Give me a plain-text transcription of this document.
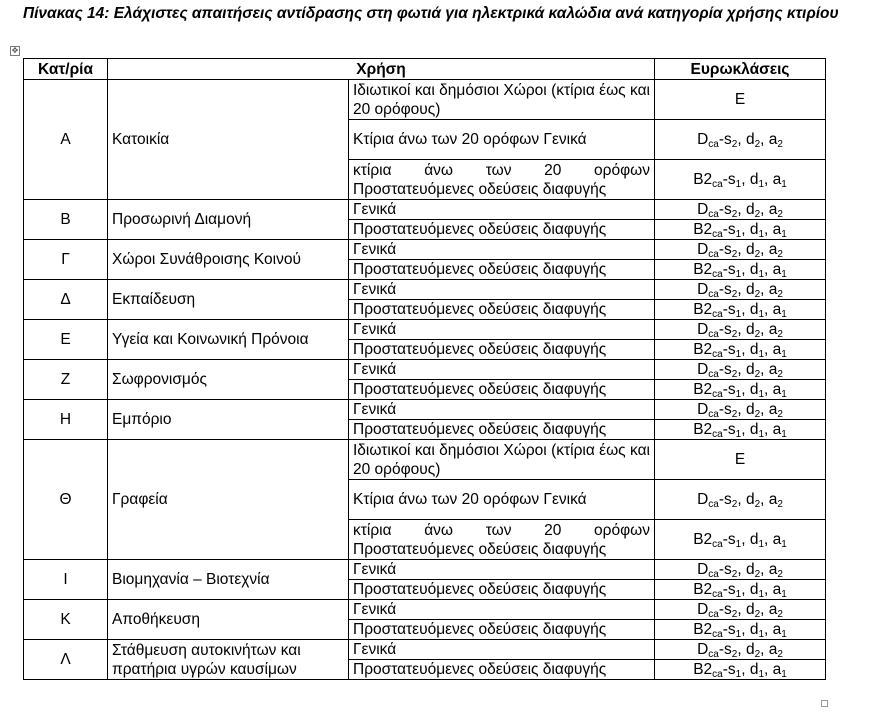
Πίνακας 14: Ελάχιστες απαιτήσεις αντίδρασης στη φωτιά για ηλεκτρικά καλώδια ανά κατηγορία χρήσης κτιρίου
✥
Κατ/ρία	Χρήση		Ευρωκλάσεις
Α	Κατοικία	Ιδιωτικοί και δημόσιοι Χώροι (κτίρια έως και 20 ορόφους)	E
		Κτίρια άνω των 20 ορόφων Γενικά	$D_{ca}-s_2$, $d_2$, $a_2$
		κτίρια άνω των 20 ορόφων Προστατευόμενες οδεύσεις διαφυγής	$B2_{ca}-s_1$, $d_1$, $a_1$
Β	Προσωρινή Διαμονή	Γενικά	$D_{ca}-s_2$, $d_2$, $a_2$
		Προστατευόμενες οδεύσεις διαφυγής	$B2_{ca}-s_1$, $d_1$, $a_1$
Γ	Χώροι Συνάθροισης Κοινού	Γενικά	$D_{ca}-s_2$, $d_2$, $a_2$
		Προστατευόμενες οδεύσεις διαφυγής	$B2_{ca}-s_1$, $d_1$, $a_1$
Δ	Εκπαίδευση	Γενικά	$D_{ca}-s_2$, $d_2$, $a_2$
		Προστατευόμενες οδεύσεις διαφυγής	$B2_{ca}-s_1$, $d_1$, $a_1$
Ε	Υγεία και Κοινωνική Πρόνοια	Γενικά	$D_{ca}-s_2$, $d_2$, $a_2$
		Προστατευόμενες οδεύσεις διαφυγής	$B2_{ca}-s_1$, $d_1$, $a_1$
Ζ	Σωφρονισμός	Γενικά	$D_{ca}-s_2$, $d_2$, $a_2$
		Προστατευόμενες οδεύσεις διαφυγής	$B2_{ca}-s_1$, $d_1$, $a_1$
Η	Εμπόριο	Γενικά	$D_{ca}-s_2$, $d_2$, $a_2$
		Προστατευόμενες οδεύσεις διαφυγής	$B2_{ca}-s_1$, $d_1$, $a_1$
Θ	Γραφεία	Ιδιωτικοί και δημόσιοι Χώροι (κτίρια έως και 20 ορόφους)	E
		Κτίρια άνω των 20 ορόφων Γενικά	$D_{ca}-s_2$, $d_2$, $a_2$
		κτίρια άνω των 20 ορόφων Προστατευόμενες οδεύσεις διαφυγής	$B2_{ca}-s_1$, $d_1$, $a_1$
Ι	Βιομηχανία – Βιοτεχνία	Γενικά	$D_{ca}-s_2$, $d_2$, $a_2$
		Προστατευόμενες οδεύσεις διαφυγής	$B2_{ca}-s_1$, $d_1$, $a_1$
Κ	Αποθήκευση	Γενικά	$D_{ca}-s_2$, $d_2$, $a_2$
		Προστατευόμενες οδεύσεις διαφυγής	$B2_{ca}-s_1$, $d_1$, $a_1$
Λ	Στάθμευση αυτοκινήτων και πρατήρια υγρών καυσίμων	Γενικά	$D_{ca}-s_2$, $d_2$, $a_2$
		Προστατευόμενες οδεύσεις διαφυγής	$B2_{ca}-s_1$, $d_1$, $a_1$
